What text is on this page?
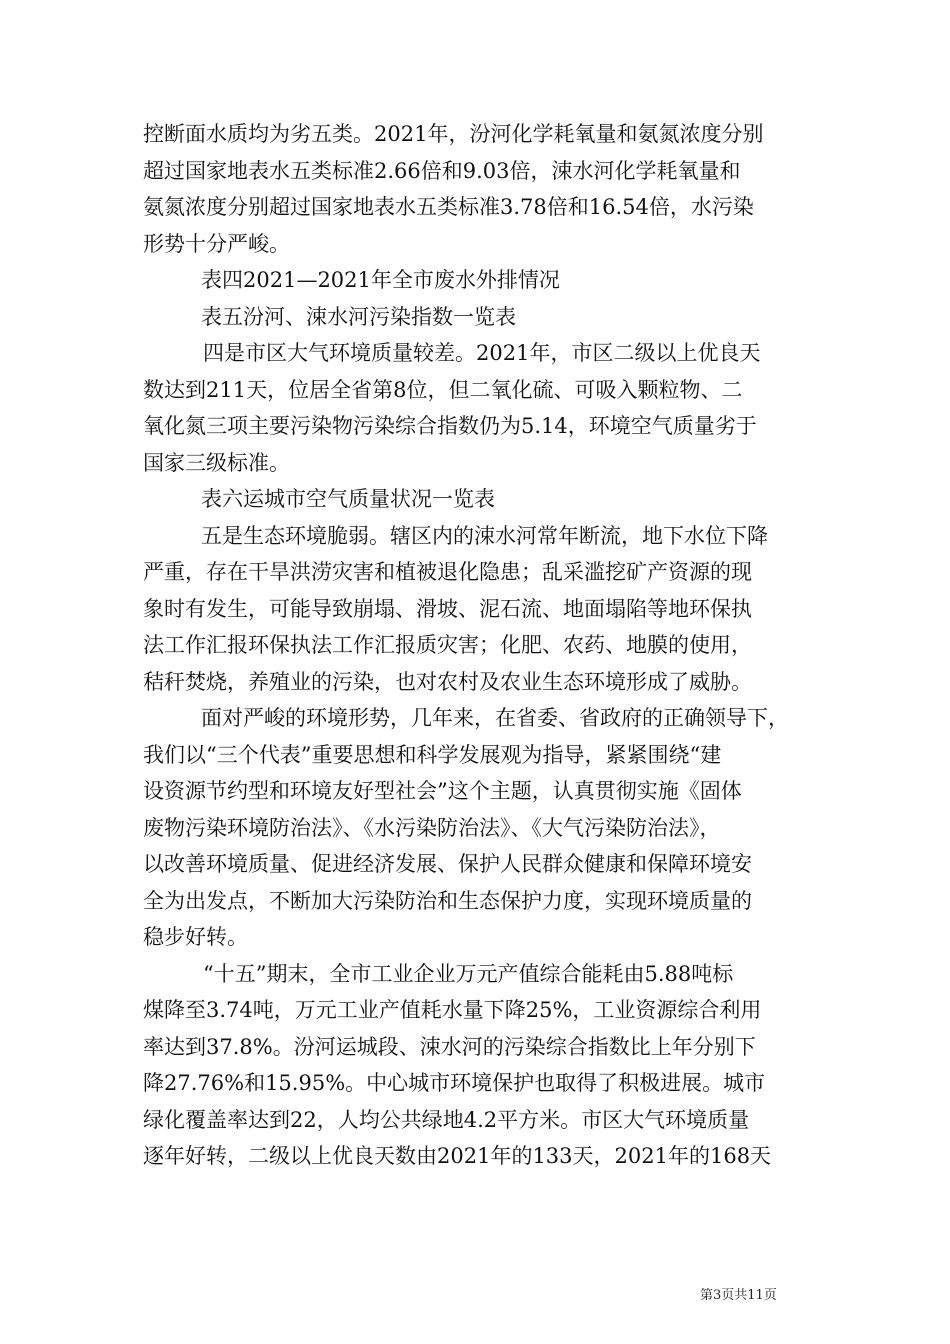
控断面水质均为劣五类。2021年，汾河化学耗氧量和氨氮浓度分别
超过国家地表水五类标准2.66倍和9.03倍，涑水河化学耗氧量和
氨氮浓度分别超过国家地表水五类标准3.78倍和16.54倍，水污染
形势十分严峻。
表四2021—2021年全市废水外排情况
表五汾河、涑水河污染指数一览表
四是市区大气环境质量较差。2021年，市区二级以上优良天
数达到211天，位居全省第8位，但二氧化硫、可吸入颗粒物、二
氧化氮三项主要污染物污染综合指数仍为5.14，环境空气质量劣于
国家三级标准。
表六运城市空气质量状况一览表
五是生态环境脆弱。辖区内的涑水河常年断流，地下水位下降
严重，存在干旱洪涝灾害和植被退化隐患；乱采滥挖矿产资源的现
象时有发生，可能导致崩塌、滑坡、泥石流、地面塌陷等地环保执
法工作汇报环保执法工作汇报质灾害；化肥、农药、地膜的使用，
秸秆焚烧，养殖业的污染，也对农村及农业生态环境形成了威胁。
面对严峻的环境形势，几年来，在省委、省政府的正确领导下，
我们以“三个代表”重要思想和科学发展观为指导，紧紧围绕“建
设资源节约型和环境友好型社会”这个主题，认真贯彻实施《固体
废物污染环境防治法》、《水污染防治法》、《大气污染防治法》，
以改善环境质量、促进经济发展、保护人民群众健康和保障环境安
全为出发点，不断加大污染防治和生态保护力度，实现环境质量的
稳步好转。
“十五”期末，全市工业企业万元产值综合能耗由5.88吨标
煤降至3.74吨，万元工业产值耗水量下降25%，工业资源综合利用
率达到37.8%。汾河运城段、涑水河的污染综合指数比上年分别下
降27.76%和15.95%。中心城市环境保护也取得了积极进展。城市
绿化覆盖率达到22，人均公共绿地4.2平方米。市区大气环境质量
逐年好转，二级以上优良天数由2021年的133天，2021年的168天
第3页共11页
